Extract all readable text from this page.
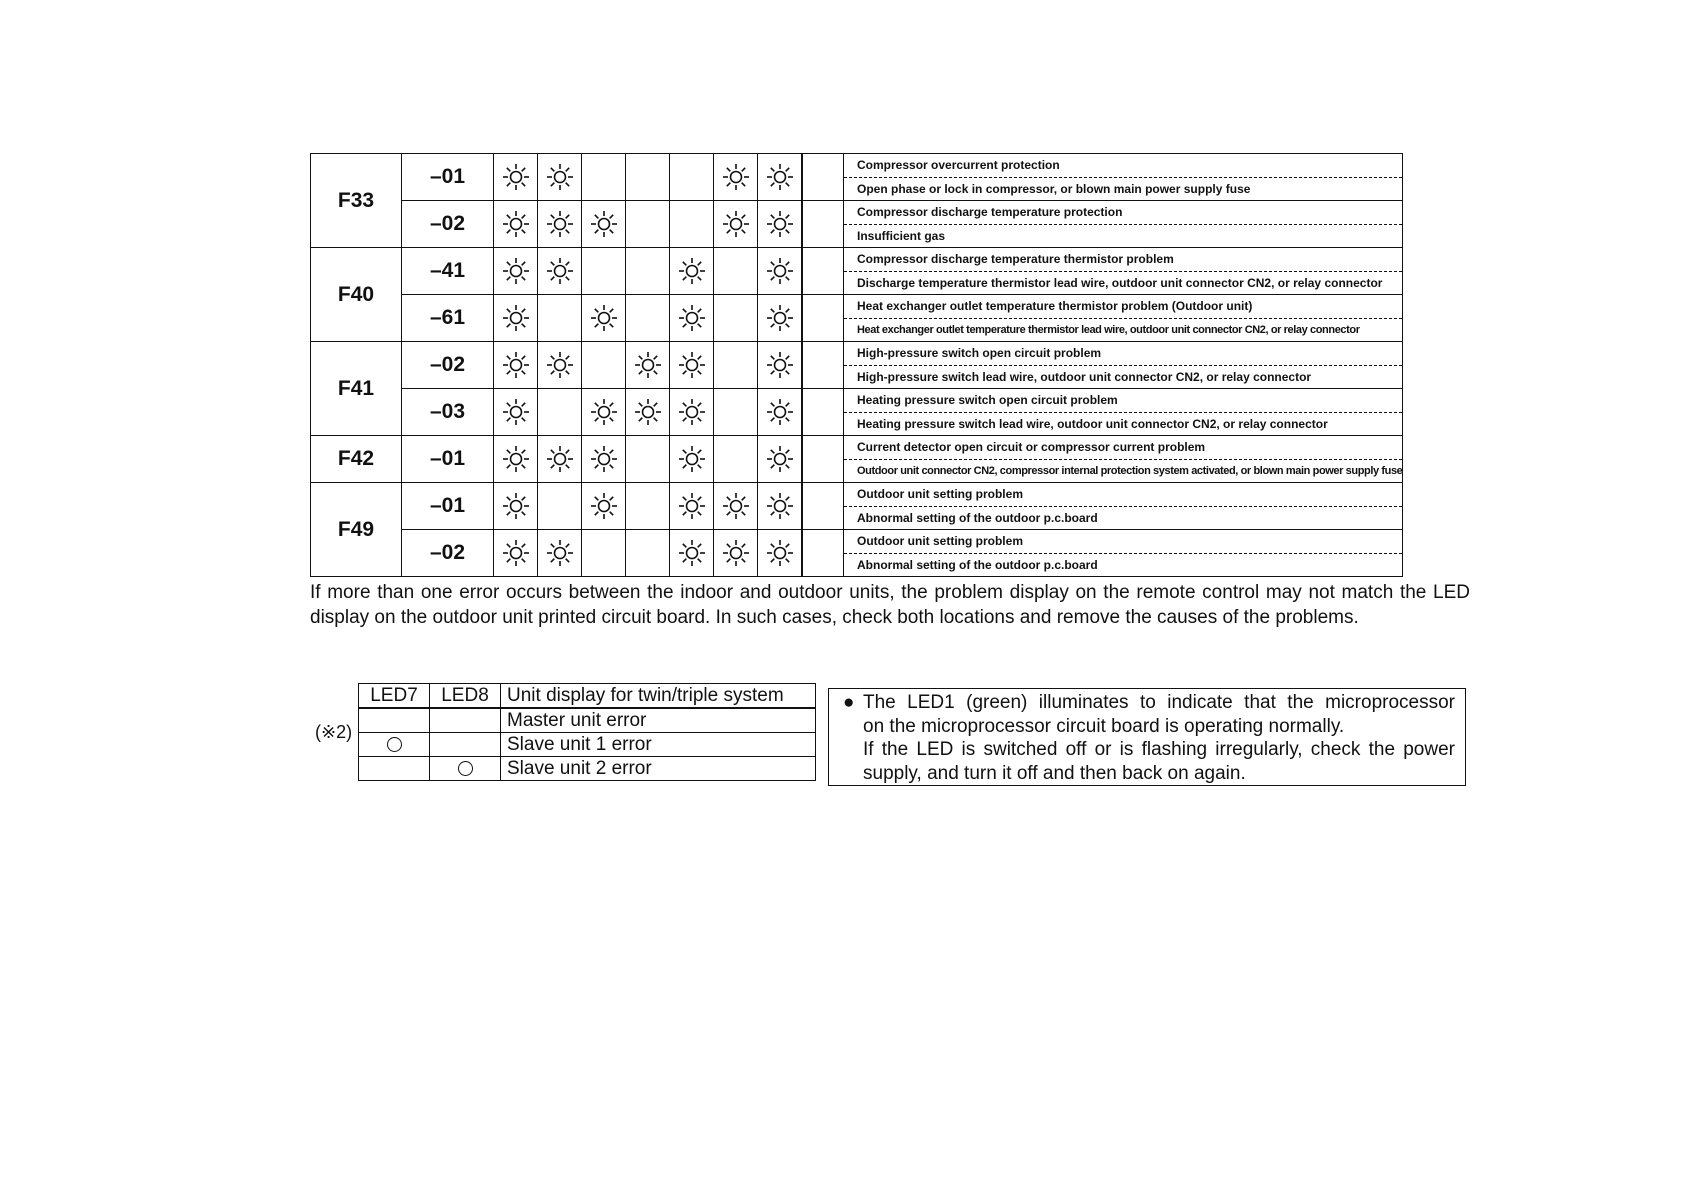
F33	–01									Compressor overcurrent protection
Open phase or lock in compressor, or blown main power supply fuse

	–02									Compressor discharge temperature protection
Insufficient gas

F40	–41									Compressor discharge temperature thermistor problem
Discharge temperature thermistor lead wire, outdoor unit connector CN2, or relay connector

	–61									Heat exchanger outlet temperature thermistor problem (Outdoor unit)
Heat exchanger outlet temperature thermistor lead wire, outdoor unit connector CN2, or relay connector

F41	–02									High-pressure switch open circuit problem
High-pressure switch lead wire, outdoor unit connector CN2, or relay connector

	–03									Heating pressure switch open circuit problem
Heating pressure switch lead wire, outdoor unit connector CN2, or relay connector

F42	–01									Current detector open circuit or compressor current problem
Outdoor unit connector CN2, compressor internal protection system activated, or blown main power supply fuse

F49	–01									Outdoor unit setting problem
Abnormal setting of the outdoor p.c.board

	–02									Outdoor unit setting problem
Abnormal setting of the outdoor p.c.board

If more than one error occurs between the indoor and outdoor units, the problem display on the remote control may not match the LED display on the outdoor unit printed circuit board. In such cases, check both locations and remove the causes of the problems.

(※2)
LED7	LED8	Unit display for twin/triple system
		Master unit error
		Slave unit 1 error
		Slave unit 2 error
● The LED1 (green) illuminates to indicate that the microprocessor
on the microprocessor circuit board is operating normally.
If the LED is switched off or is flashing irregularly, check the power
supply, and turn it off and then back on again.
